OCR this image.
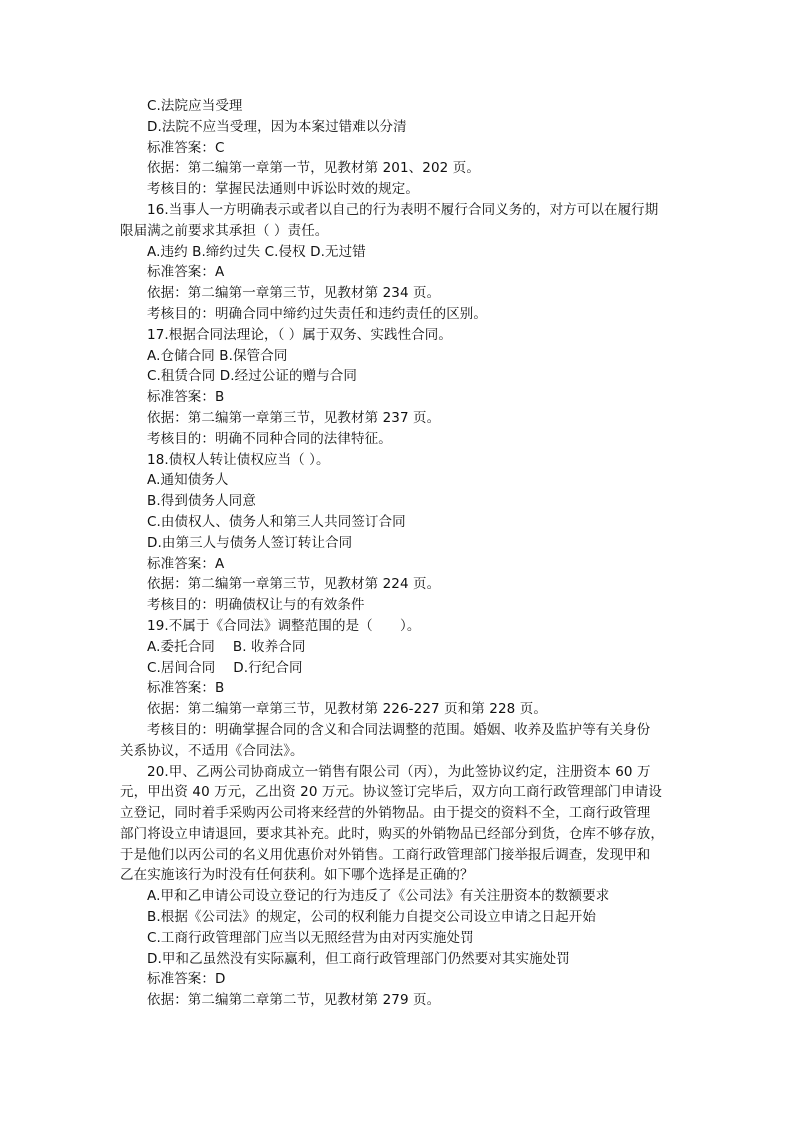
C.法院应当受理
D.法院不应当受理，因为本案过错难以分清
标准答案：C
依据：第二编第一章第一节，见教材第 201、202 页。
考核目的：掌握民法通则中诉讼时效的规定。
16.当事人一方明确表示或者以自己的行为表明不履行合同义务的，对方可以在履行期
限届满之前要求其承担（ ）责任。
A.违约 B.缔约过失 C.侵权 D.无过错
标准答案：A
依据：第二编第一章第三节，见教材第 234 页。
考核目的：明确合同中缔约过失责任和违约责任的区别。
17.根据合同法理论，（ ）属于双务、实践性合同。
A.仓储合同 B.保管合同
C.租赁合同 D.经过公证的赠与合同
标准答案：B
依据：第二编第一章第三节，见教材第 237 页。
考核目的：明确不同种合同的法律特征。
18.债权人转让债权应当（ ）。
A.通知债务人
B.得到债务人同意
C.由债权人、债务人和第三人共同签订合同
D.由第三人与债务人签订转让合同
标准答案：A
依据：第二编第一章第三节，见教材第 224 页。
考核目的：明确债权让与的有效条件
19.不属于《合同法》调整范围的是（　　）。
A.委托合同　 B. 收养合同
C.居间合同　 D.行纪合同
标准答案：B
依据：第二编第一章第三节，见教材第 226-227 页和第 228 页。
考核目的：明确掌握合同的含义和合同法调整的范围。婚姻、收养及监护等有关身份
关系协议，不适用《合同法》。
20.甲、乙两公司协商成立一销售有限公司（丙），为此签协议约定，注册资本 60 万
元，甲出资 40 万元，乙出资 20 万元。协议签订完毕后，双方向工商行政管理部门申请设
立登记，同时着手采购丙公司将来经营的外销物品。由于提交的资料不全，工商行政管理
部门将设立申请退回，要求其补充。此时，购买的外销物品已经部分到货，仓库不够存放，
于是他们以丙公司的名义用优惠价对外销售。工商行政管理部门接举报后调查，发现甲和
乙在实施该行为时没有任何获利。如下哪个选择是正确的？
A.甲和乙申请公司设立登记的行为违反了《公司法》有关注册资本的数额要求
B.根据《公司法》的规定，公司的权利能力自提交公司设立申请之日起开始
C.工商行政管理部门应当以无照经营为由对丙实施处罚
D.甲和乙虽然没有实际赢利，但工商行政管理部门仍然要对其实施处罚
标准答案：D
依据：第二编第二章第二节，见教材第 279 页。
